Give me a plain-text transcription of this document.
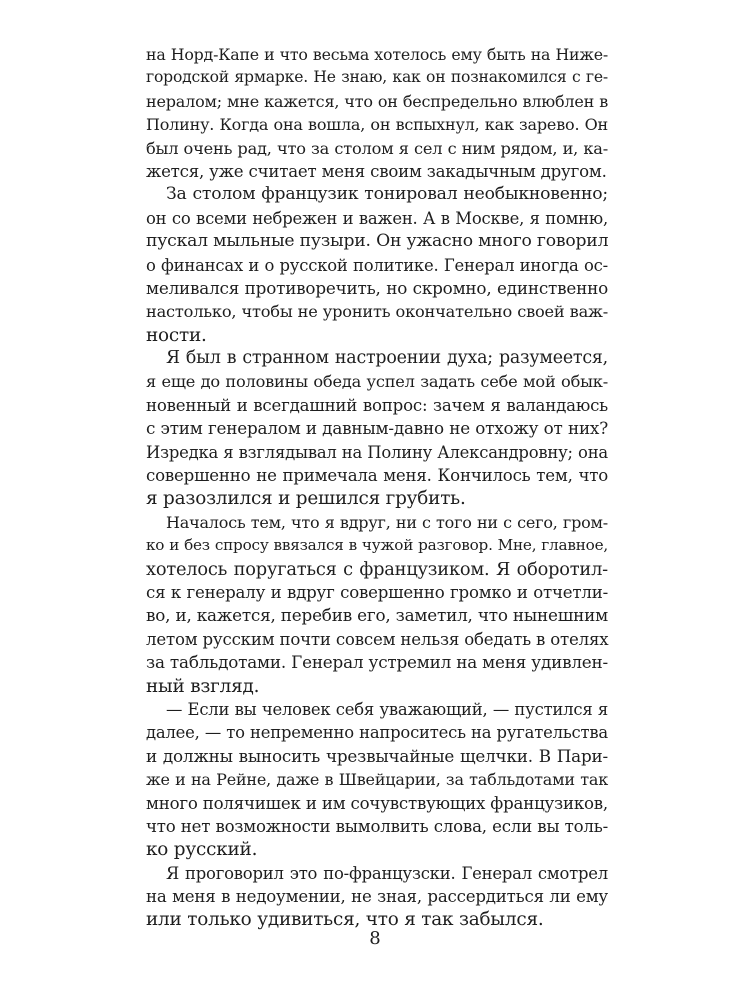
на Норд-Капе и что весьма хотелось ему быть на Ниже-
городской ярмарке. Не знаю, как он познакомился с ге-
нералом; мне кажется, что он беспредельно влюблен в
Полину. Когда она вошла, он вспыхнул, как зарево. Он
был очень рад, что за столом я сел с ним рядом, и, ка-
жется, уже считает меня своим закадычным другом.
За столом французик тонировал необыкновенно;
он со всеми небрежен и важен. А в Москве, я помню,
пускал мыльные пузыри. Он ужасно много говорил
о финансах и о русской политике. Генерал иногда ос-
меливался противоречить, но скромно, единственно
настолько, чтобы не уронить окончательно своей важ-
ности.
Я был в странном настроении духа; разумеется,
я еще до половины обеда успел задать себе мой обык-
новенный и всегдашний вопрос: зачем я валандаюсь
с этим генералом и давным-давно не отхожу от них?
Изредка я взглядывал на Полину Александровну; она
совершенно не примечала меня. Кончилось тем, что
я разозлился и решился грубить.
Началось тем, что я вдруг, ни с того ни с сего, гром-
ко и без спросу ввязался в чужой разговор. Мне, главное,
хотелось поругаться с французиком. Я оборотил-
ся к генералу и вдруг совершенно громко и отчетли-
во, и, кажется, перебив его, заметил, что нынешним
летом русским почти совсем нельзя обедать в отелях
за табльдотами. Генерал устремил на меня удивлен-
ный взгляд.
— Если вы человек себя уважающий, — пустился я
далее, — то непременно напроситесь на ругательства
и должны выносить чрезвычайные щелчки. В Пари-
же и на Рейне, даже в Швейцарии, за табльдотами так
много полячишек и им сочувствующих французиков,
что нет возможности вымолвить слова, если вы толь-
ко русский.
Я проговорил это по-французски. Генерал смотрел
на меня в недоумении, не зная, рассердиться ли ему
или только удивиться, что я так забылся.
8
